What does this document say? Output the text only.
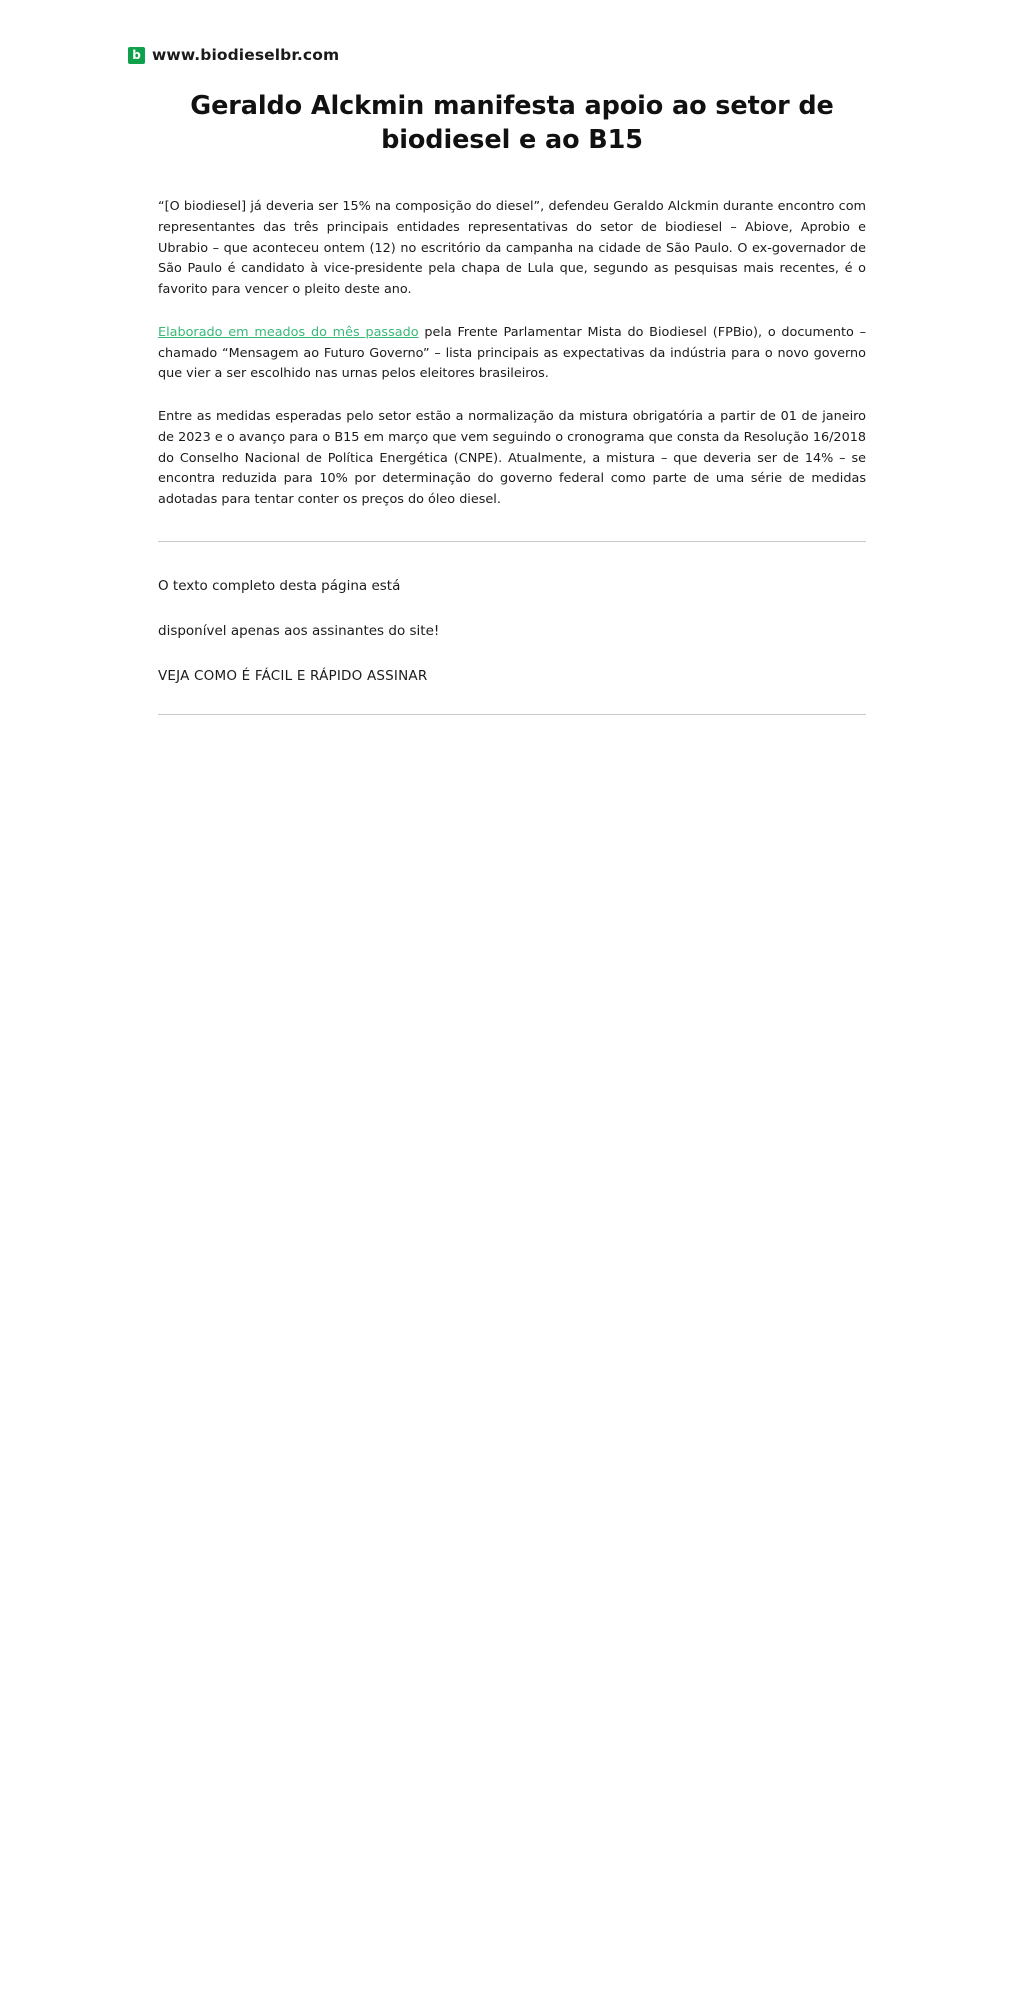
b www.biodieselbr.com
Geraldo Alckmin manifesta apoio ao setor de biodiesel e ao B15

“[O biodiesel] já deveria ser 15% na composição do diesel”, defendeu Geraldo Alckmin durante encontro com representantes das três principais entidades representativas do setor de biodiesel – Abiove, Aprobio e Ubrabio – que aconteceu ontem (12) no escritório da campanha na cidade de São Paulo. O ex-governador de São Paulo é candidato à vice-presidente pela chapa de Lula que, segundo as pesquisas mais recentes, é o favorito para vencer o pleito deste ano.

Elaborado em meados do mês passado pela Frente Parlamentar Mista do Biodiesel (FPBio), o documento – chamado “Mensagem ao Futuro Governo” – lista principais as expectativas da indústria para o novo governo que vier a ser escolhido nas urnas pelos eleitores brasileiros.

Entre as medidas esperadas pelo setor estão a normalização da mistura obrigatória a partir de 01 de janeiro de 2023 e o avanço para o B15 em março que vem seguindo o cronograma que consta da Resolução 16/2018 do Conselho Nacional de Política Energética (CNPE). Atualmente, a mistura – que deveria ser de 14% – se encontra reduzida para 10% por determinação do governo federal como parte de uma série de medidas adotadas para tentar conter os preços do óleo diesel.

O texto completo desta página está

disponível apenas aos assinantes do site!

VEJA COMO É FÁCIL E RÁPIDO ASSINAR
